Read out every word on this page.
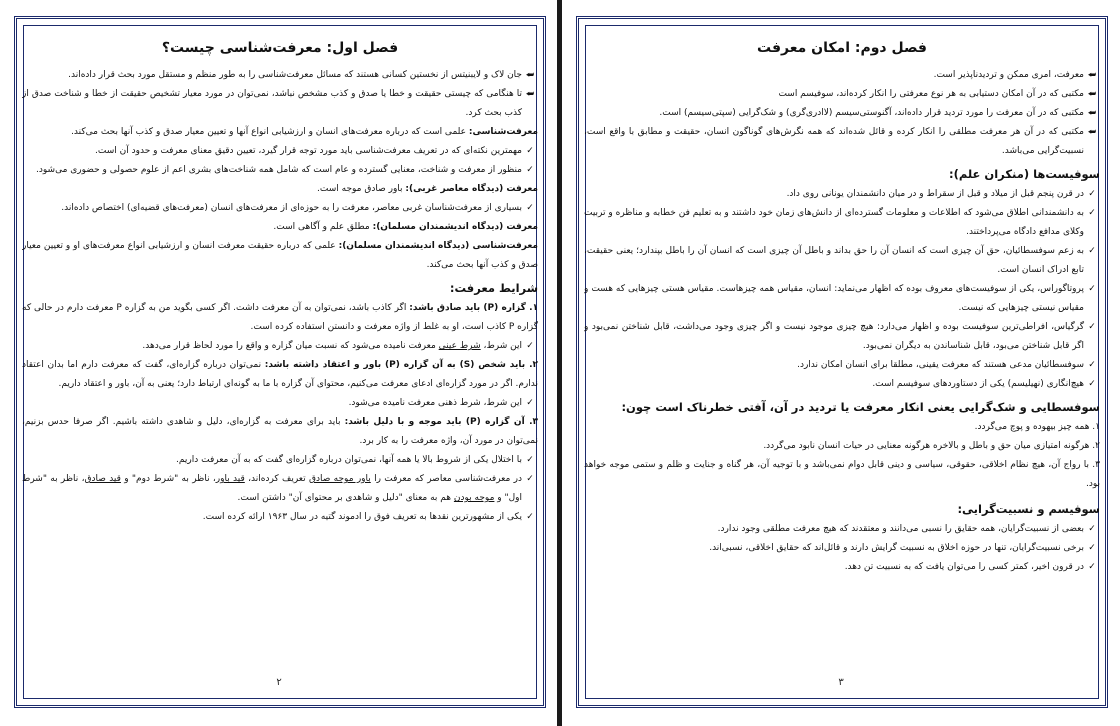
فصل اول: معرفت‌شناسی چیست؟
⮨
جان لاک و لایبنیتس از نخستین کسانی هستند که مسائل معرفت‌شناسی را به طور منظم و مستقل مورد بحث قرار داده‌اند.
⮨
تا هنگامی که چیستی حقیقت و خطا یا صدق و کذب مشخص نباشد، نمی‌توان در مورد معیار تشخیص حقیقت از خطا و شناخت صدق از کذب بحث کرد.

معرفت‌شناسی: علمی است که درباره معرفت‌های انسان و ارزشیابی انواع آنها و تعیین معیار صدق و کذب آنها بحث می‌کند.

✓
مهمترین نکته‌ای که در تعریف معرفت‌شناسی باید مورد توجه قرار گیرد، تعیین دقیق معنای معرفت و حدود آن است.
✓
منظور از معرفت و شناخت، معنایی گسترده و عام است که شامل همه شناخت‌های بشری اعم از علوم حصولی و حضوری می‌شود.

معرفت (دیدگاه معاصر غربی): باور صادق موجه است.

✓
بسیاری از معرفت‌شناسان غربی معاصر، معرفت را به حوزه‌ای از معرفت‌های انسان (معرفت‌های قضیه‌ای) اختصاص داده‌اند.

معرفت (دیدگاه اندیشمندان مسلمان): مطلق علم و آگاهی است.

معرفت‌شناسی (دیدگاه اندیشمندان مسلمان): علمی که درباره حقیقت معرفت انسان و ارزشیابی انواع معرفت‌های او و تعیین معیار صدق و کذب آنها بحث می‌کند.

شرایط معرفت:

۱. گزاره (P) باید صادق باشد: اگر کاذب باشد، نمی‌توان به آن معرفت داشت. اگر کسی بگوید من به گزاره P معرفت دارم در حالی که گزاره P کاذب است، او به غلط از واژه معرفت و دانستن استفاده کرده است.

✓
این شرط، شرط عینی معرفت نامیده می‌شود که نسبت میان گزاره و واقع را مورد لحاظ قرار می‌دهد.

۲. باید شخص (S) به آن گزاره (P) باور و اعتقاد داشته باشد: نمی‌توان درباره گزاره‌ای، گفت که معرفت دارم اما بدان اعتقاد ندارم. اگر در مورد گزاره‌ای ادعای معرفت می‌کنیم، محتوای آن گزاره با ما به گونه‌ای ارتباط دارد؛ یعنی به آن، باور و اعتقاد داریم.

✓
این شرط، شرط ذهنی معرفت نامیده می‌شود.

۳. آن گزاره (P) باید موجه و با دلیل باشد: باید برای معرفت به گزاره‌ای، دلیل و شاهدی داشته باشیم. اگر صرفا حدس بزنیم، نمی‌توان در مورد آن، واژه معرفت را به کار برد.

✓
با اختلال یکی از شروط بالا یا همه آنها، نمی‌توان درباره گزاره‌ای گفت که به آن معرفت داریم.
✓
در معرفت‌شناسی معاصر که معرفت را باور موجه صادق تعریف کرده‌اند، قید باور، ناظر به "شرط دوم" و قید صادق، ناظر به "شرط اول" و موجه بودن هم به معنای "دلیل و شاهدی بر محتوای آن" داشتن است.
✓
یکی از مشهورترین نقدها به تعریف فوق را ادموند گتیه در سال ۱۹۶۳ ارائه کرده است.
۲
فصل دوم: امکان معرفت
⮨
معرفت، امری ممکن و تردیدناپذیر است.
⮨
مکتبی که در آن امکان دستیابی به هر نوع معرفتی را انکار کرده‌اند، سوفیسم است
⮨
مکتبی که در آن معرفت را مورد تردید قرار داده‌اند، آگنوستی‌سیسم (لاادری‌گری) و شک‌گرایی (سپتی‌سیسم) است.
⮨
مکتبی که در آن هر معرفت مطلقی را انکار کرده و قائل شده‌اند که همه نگرش‌های گوناگون انسان، حقیقت و مطابق با واقع است، نسبیت‌گرایی می‌باشد.
سوفیست‌ها (منکران علم):
✓
در قرن پنجم قبل از میلاد و قبل از سقراط و در میان دانشمندان یونانی روی داد.
✓
به دانشمندانی اطلاق می‌شود که اطلاعات و معلومات گسترده‌ای از دانش‌های زمان خود داشتند و به تعلیم فن خطابه و مناظره و تربیت وکلای مدافع دادگاه می‌پرداختند.
✓
به زعم سوفسطائیان، حق آن چیزی است که انسان آن را حق بداند و باطل آن چیزی است که انسان آن را باطل بپندارد؛ یعنی حقیقت، تابع ادراک انسان است.
✓
پروتاگوراس، یکی از سوفیست‌های معروف بوده که اظهار می‌نماید: انسان، مقیاس همه چیزهاست. مقیاس هستی چیزهایی که هست و مقیاس نیستی چیزهایی که نیست.
✓
گرگیاس، افراطی‌ترین سوفیست بوده و اظهار می‌دارد: هیچ چیزی موجود نیست و اگر چیزی وجود می‌داشت، قابل شناختن نمی‌بود و اگر قابل شناختن می‌بود، قابل شناساندن به دیگران نمی‌بود.
✓
سوفسطائیان مدعی هستند که معرفت یقینی، مطلقا برای انسان امکان ندارد.
✓
هیچ‌انگاری (نهیلیسم) یکی از دستاوردهای سوفیسم است.
سوفسطایی و شک‌گرایی یعنی انکار معرفت یا تردید در آن، آفتی خطرناک است چون:

۱. همه چیز بیهوده و پوچ می‌گردد.

۲. هرگونه امتیازی میان حق و باطل و بالاخره هرگونه معنایی در حیات انسان نابود می‌گردد.

۳. با رواج آن، هیچ نظام اخلاقی، حقوقی، سیاسی و دینی قابل دوام نمی‌باشد و با توجیه آن، هر گناه و جنایت و ظلم و ستمی موجه خواهد بود.

سوفیسم و نسبیت‌گرایی:
✓
بعضی از نسبیت‌گرایان، همه حقایق را نسبی می‌دانند و معتقدند که هیچ معرفت مطلقی وجود ندارد.
✓
برخی نسبیت‌گرایان، تنها در حوزه اخلاق به نسبیت گرایش دارند و قائل‌اند که حقایق اخلاقی، نسبی‌اند.
✓
در قرون اخیر، کمتر کسی را می‌توان یافت که به نسبیت تن دهد.
۳
